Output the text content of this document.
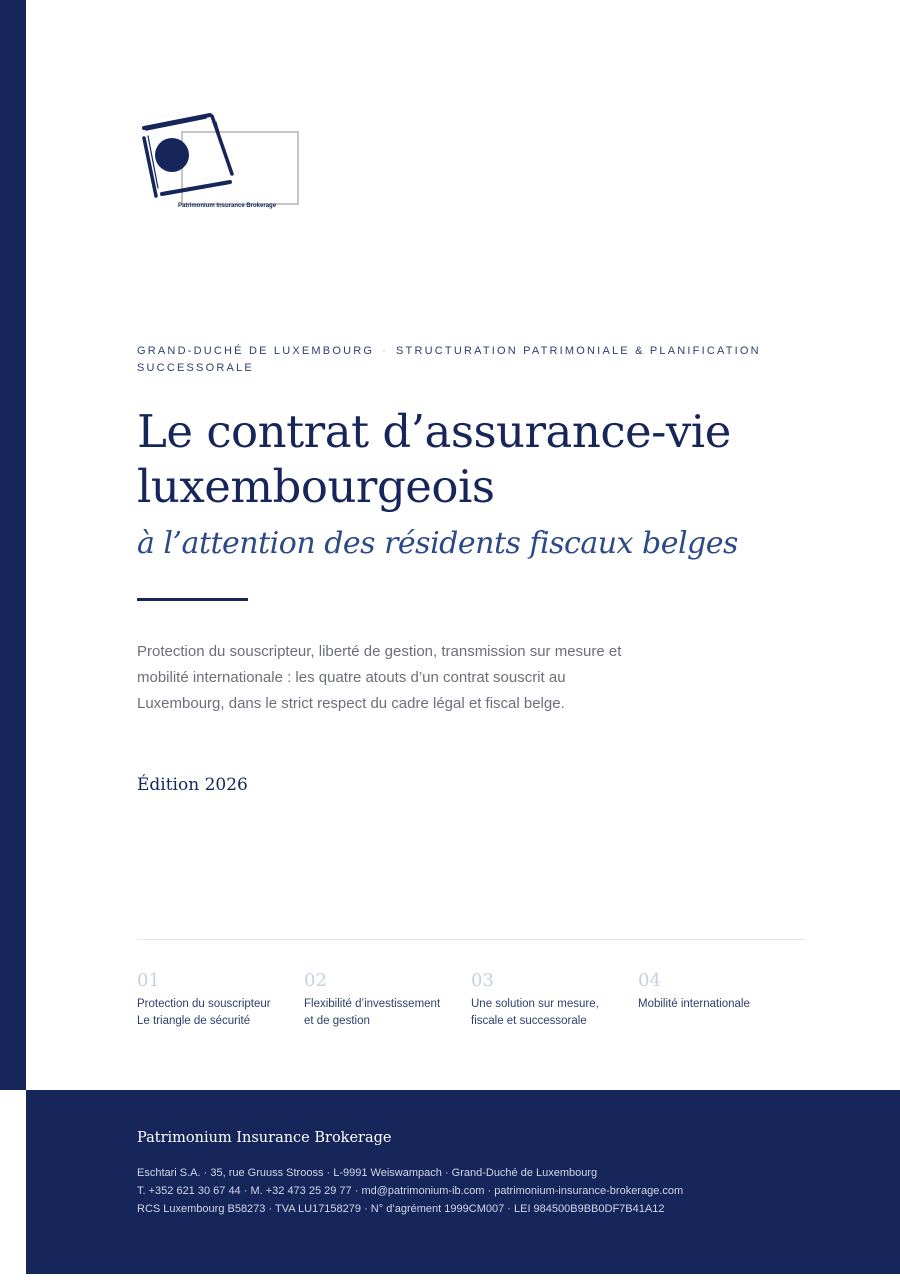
Patrimonium Insurance Brokerage
GRAND-DUCHÉ DE LUXEMBOURG · STRUCTURATION PATRIMONIALE & PLANIFICATION SUCCESSORALE
Le contrat d’assurance-vie luxembourgeois
à l’attention des résidents fiscaux belges
Protection du souscripteur, liberté de gestion, transmission sur mesure et mobilité internationale : les quatre atouts d’un contrat souscrit au Luxembourg, dans le strict respect du cadre légal et fiscal belge.
Édition 2026
01
Protection du souscripteur
Le triangle de sécurité
02
Flexibilité d’investissement
et de gestion
03
Une solution sur mesure,
fiscale et successorale
04
Mobilité internationale
Patrimonium Insurance Brokerage
Eschtari S.A. · 35, rue Gruuss Strooss · L-9991 Weiswampach · Grand-Duché de Luxembourg
T. +352 621 30 67 44 · M. +32 473 25 29 77 · md@patrimonium-ib.com · patrimonium-insurance-brokerage.com
RCS Luxembourg B58273 · TVA LU17158279 · N° d’agrément 1999CM007 · LEI 984500B9BB0DF7B41A12
